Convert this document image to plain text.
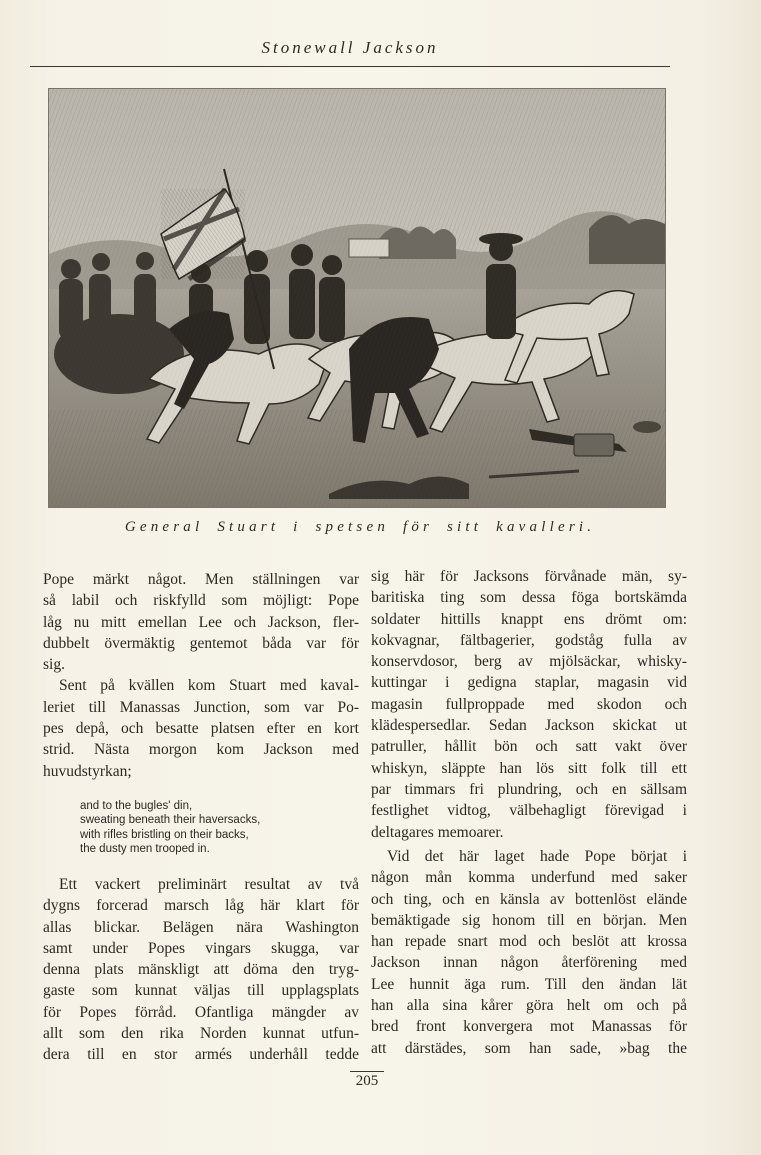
Stonewall Jackson
General Stuart i spetsen för sitt kavalleri.
Pope märkt något. Men ställningen var
så labil och riskfylld som möjligt: Pope
låg nu mitt emellan Lee och Jackson, fler-
dubbelt övermäktig gentemot båda var för
sig.
Sent på kvällen kom Stuart med kaval-
leriet till Manassas Junction, som var Po-
pes depå, och besatte platsen efter en kort
strid. Nästa morgon kom Jackson med
huvudstyrkan;
and to the bugles' din,
sweating beneath their haversacks,
with rifles bristling on their backs,
the dusty men trooped in.
Ett vackert preliminärt resultat av två
dygns forcerad marsch låg här klart för
allas blickar. Belägen nära Washington
samt under Popes vingars skugga, var
denna plats mänskligt att döma den tryg-
gaste som kunnat väljas till upplagsplats
för Popes förråd. Ofantliga mängder av
allt som den rika Norden kunnat utfun-
dera till en stor armés underhåll tedde
sig här för Jacksons förvånade män, sy-
baritiska ting som dessa föga bortskämda
soldater hittills knappt ens drömt om:
kokvagnar, fältbagerier, godståg fulla av
konservdosor, berg av mjölsäckar, whisky-
kuttingar i gedigna staplar, magasin vid
magasin fullproppade med skodon och
klädespersedlar. Sedan Jackson skickat ut
patruller, hållit bön och satt vakt över
whiskyn, släppte han lös sitt folk till ett
par timmars fri plundring, och en sällsam
festlighet vidtog, välbehagligt förevigad i
deltagares memoarer.
Vid det här laget hade Pope börjat i
någon mån komma underfund med saker
och ting, och en känsla av bottenlöst elände
bemäktigade sig honom till en början. Men
han repade snart mod och beslöt att krossa
Jackson innan någon återförening med
Lee hunnit äga rum. Till den ändan lät
han alla sina kårer göra helt om och på
bred front konvergera mot Manassas för
att därstädes, som han sade, »bag the
205
